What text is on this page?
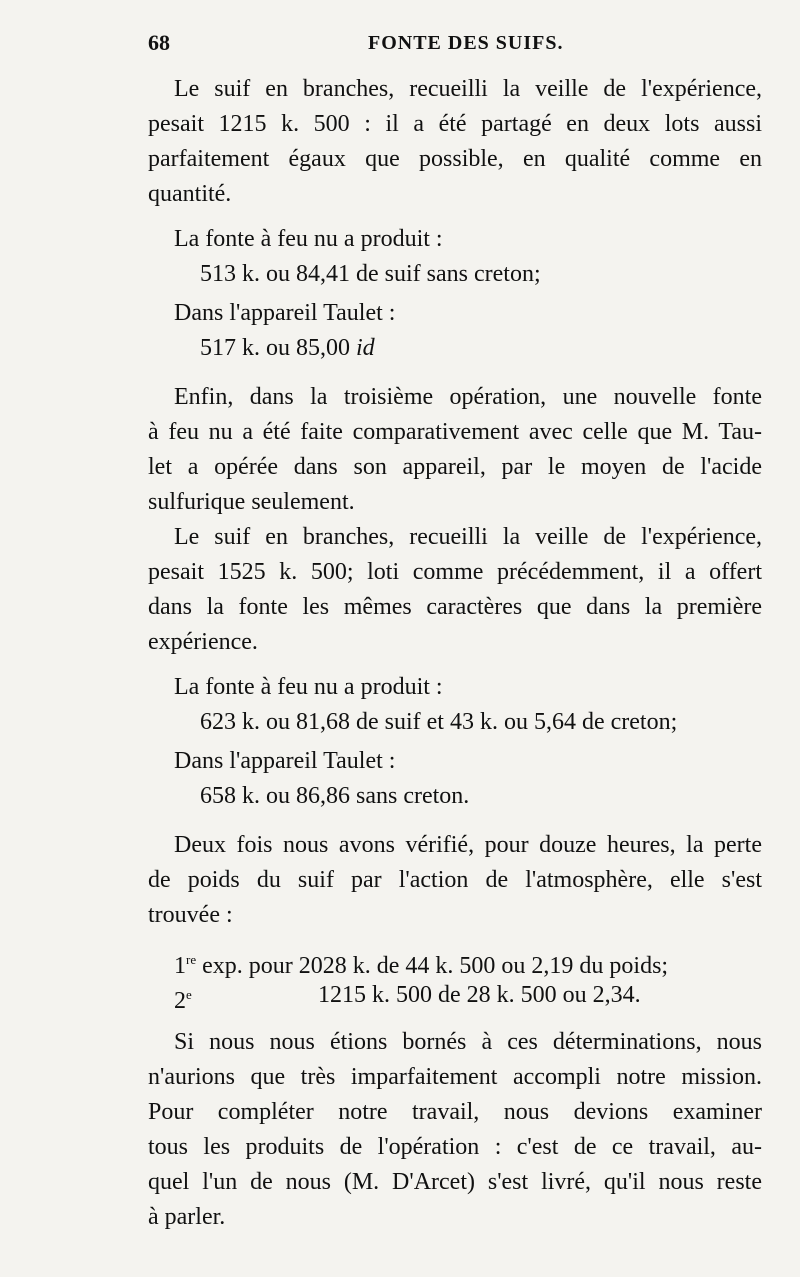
68	FONTE DES SUIFS.
Le suif en branches, recueilli la veille de l'expérience,
pesait 1215 k. 500 : il a été partagé en deux lots aussi
parfaitement égaux que possible, en qualité comme en
quantité.
La fonte à feu nu a produit :
513 k. ou 84,41 de suif sans creton;
Dans l'appareil Taulet :
517 k. ou 85,00 id
Enfin, dans la troisième opération, une nouvelle fonte
à feu nu a été faite comparativement avec celle que M. Tau-
let a opérée dans son appareil, par le moyen de l'acide
sulfurique seulement.
Le suif en branches, recueilli la veille de l'expérience,
pesait 1525 k. 500; loti comme précédemment, il a offert
dans la fonte les mêmes caractères que dans la première
expérience.
La fonte à feu nu a produit :
623 k. ou 81,68 de suif et 43 k. ou 5,64 de creton;
Dans l'appareil Taulet :
658 k. ou 86,86 sans creton.
Deux fois nous avons vérifié, pour douze heures, la perte
de poids du suif par l'action de l'atmosphère, elle s'est
trouvée :
1re exp. pour 2028 k. de 44 k. 500 ou 2,19 du poids;
2e	1215 k. 500 de 28 k. 500 ou 2,34.
Si nous nous étions bornés à ces déterminations, nous
n'aurions que très imparfaitement accompli notre mission.
Pour compléter notre travail, nous devions examiner
tous les produits de l'opération : c'est de ce travail, au-
quel l'un de nous (M. D'Arcet) s'est livré, qu'il nous reste
à parler.
